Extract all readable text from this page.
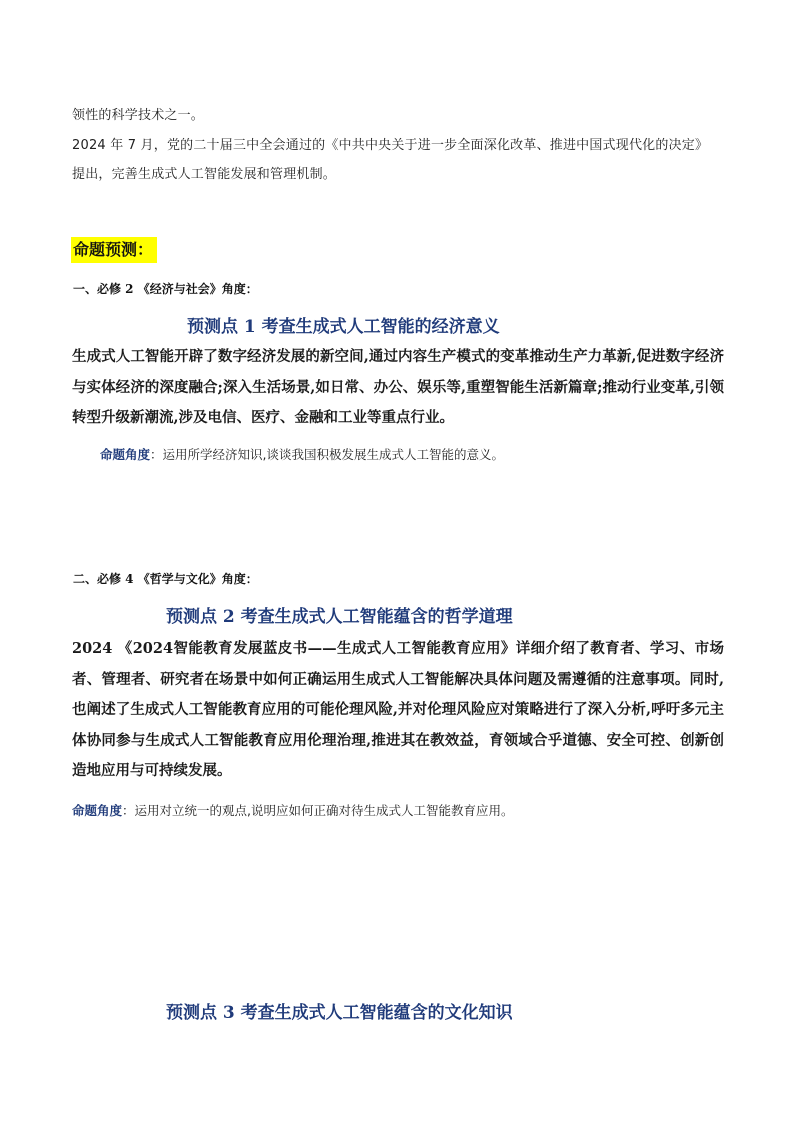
领性的科学技术之一。
2024 年 7 月，党的二十届三中全会通过的《中共中央关于进一步全面深化改革、推进中国式现代化的决定》
提出，完善生成式人工智能发展和管理机制。
命题预测：
一、必修 2 《经济与社会》角度：
预测点 1 考查生成式人工智能的经济意义
生成式人工智能开辟了数字经济发展的新空间,通过内容生产模式的变革推动生产力革新,促进数字经济与实体经济的深度融合;深入生活场景,如日常、办公、娱乐等,重塑智能生活新篇章;推动行业变革,引领转型升级新潮流,涉及电信、医疗、金融和工业等重点行业。
命题角度：运用所学经济知识,谈谈我国积极发展生成式人工智能的意义。
二、必修 4 《哲学与文化》角度：
预测点 2 考查生成式人工智能蕴含的哲学道理
2024 《2024智能教育发展蓝皮书——生成式人工智能教育应用》详细介绍了教育者、学习、市场者、管理者、研究者在场景中如何正确运用生成式人工智能解决具体问题及需遵循的注意事项。同时,也阐述了生成式人工智能教育应用的可能伦理风险,并对伦理风险应对策略进行了深入分析,呼吁多元主体协同参与生成式人工智能教育应用伦理治理,推进其在教效益，育领域合乎道德、安全可控、创新创造地应用与可持续发展。
命题角度：运用对立统一的观点,说明应如何正确对待生成式人工智能教育应用。
预测点 3 考查生成式人工智能蕴含的文化知识
